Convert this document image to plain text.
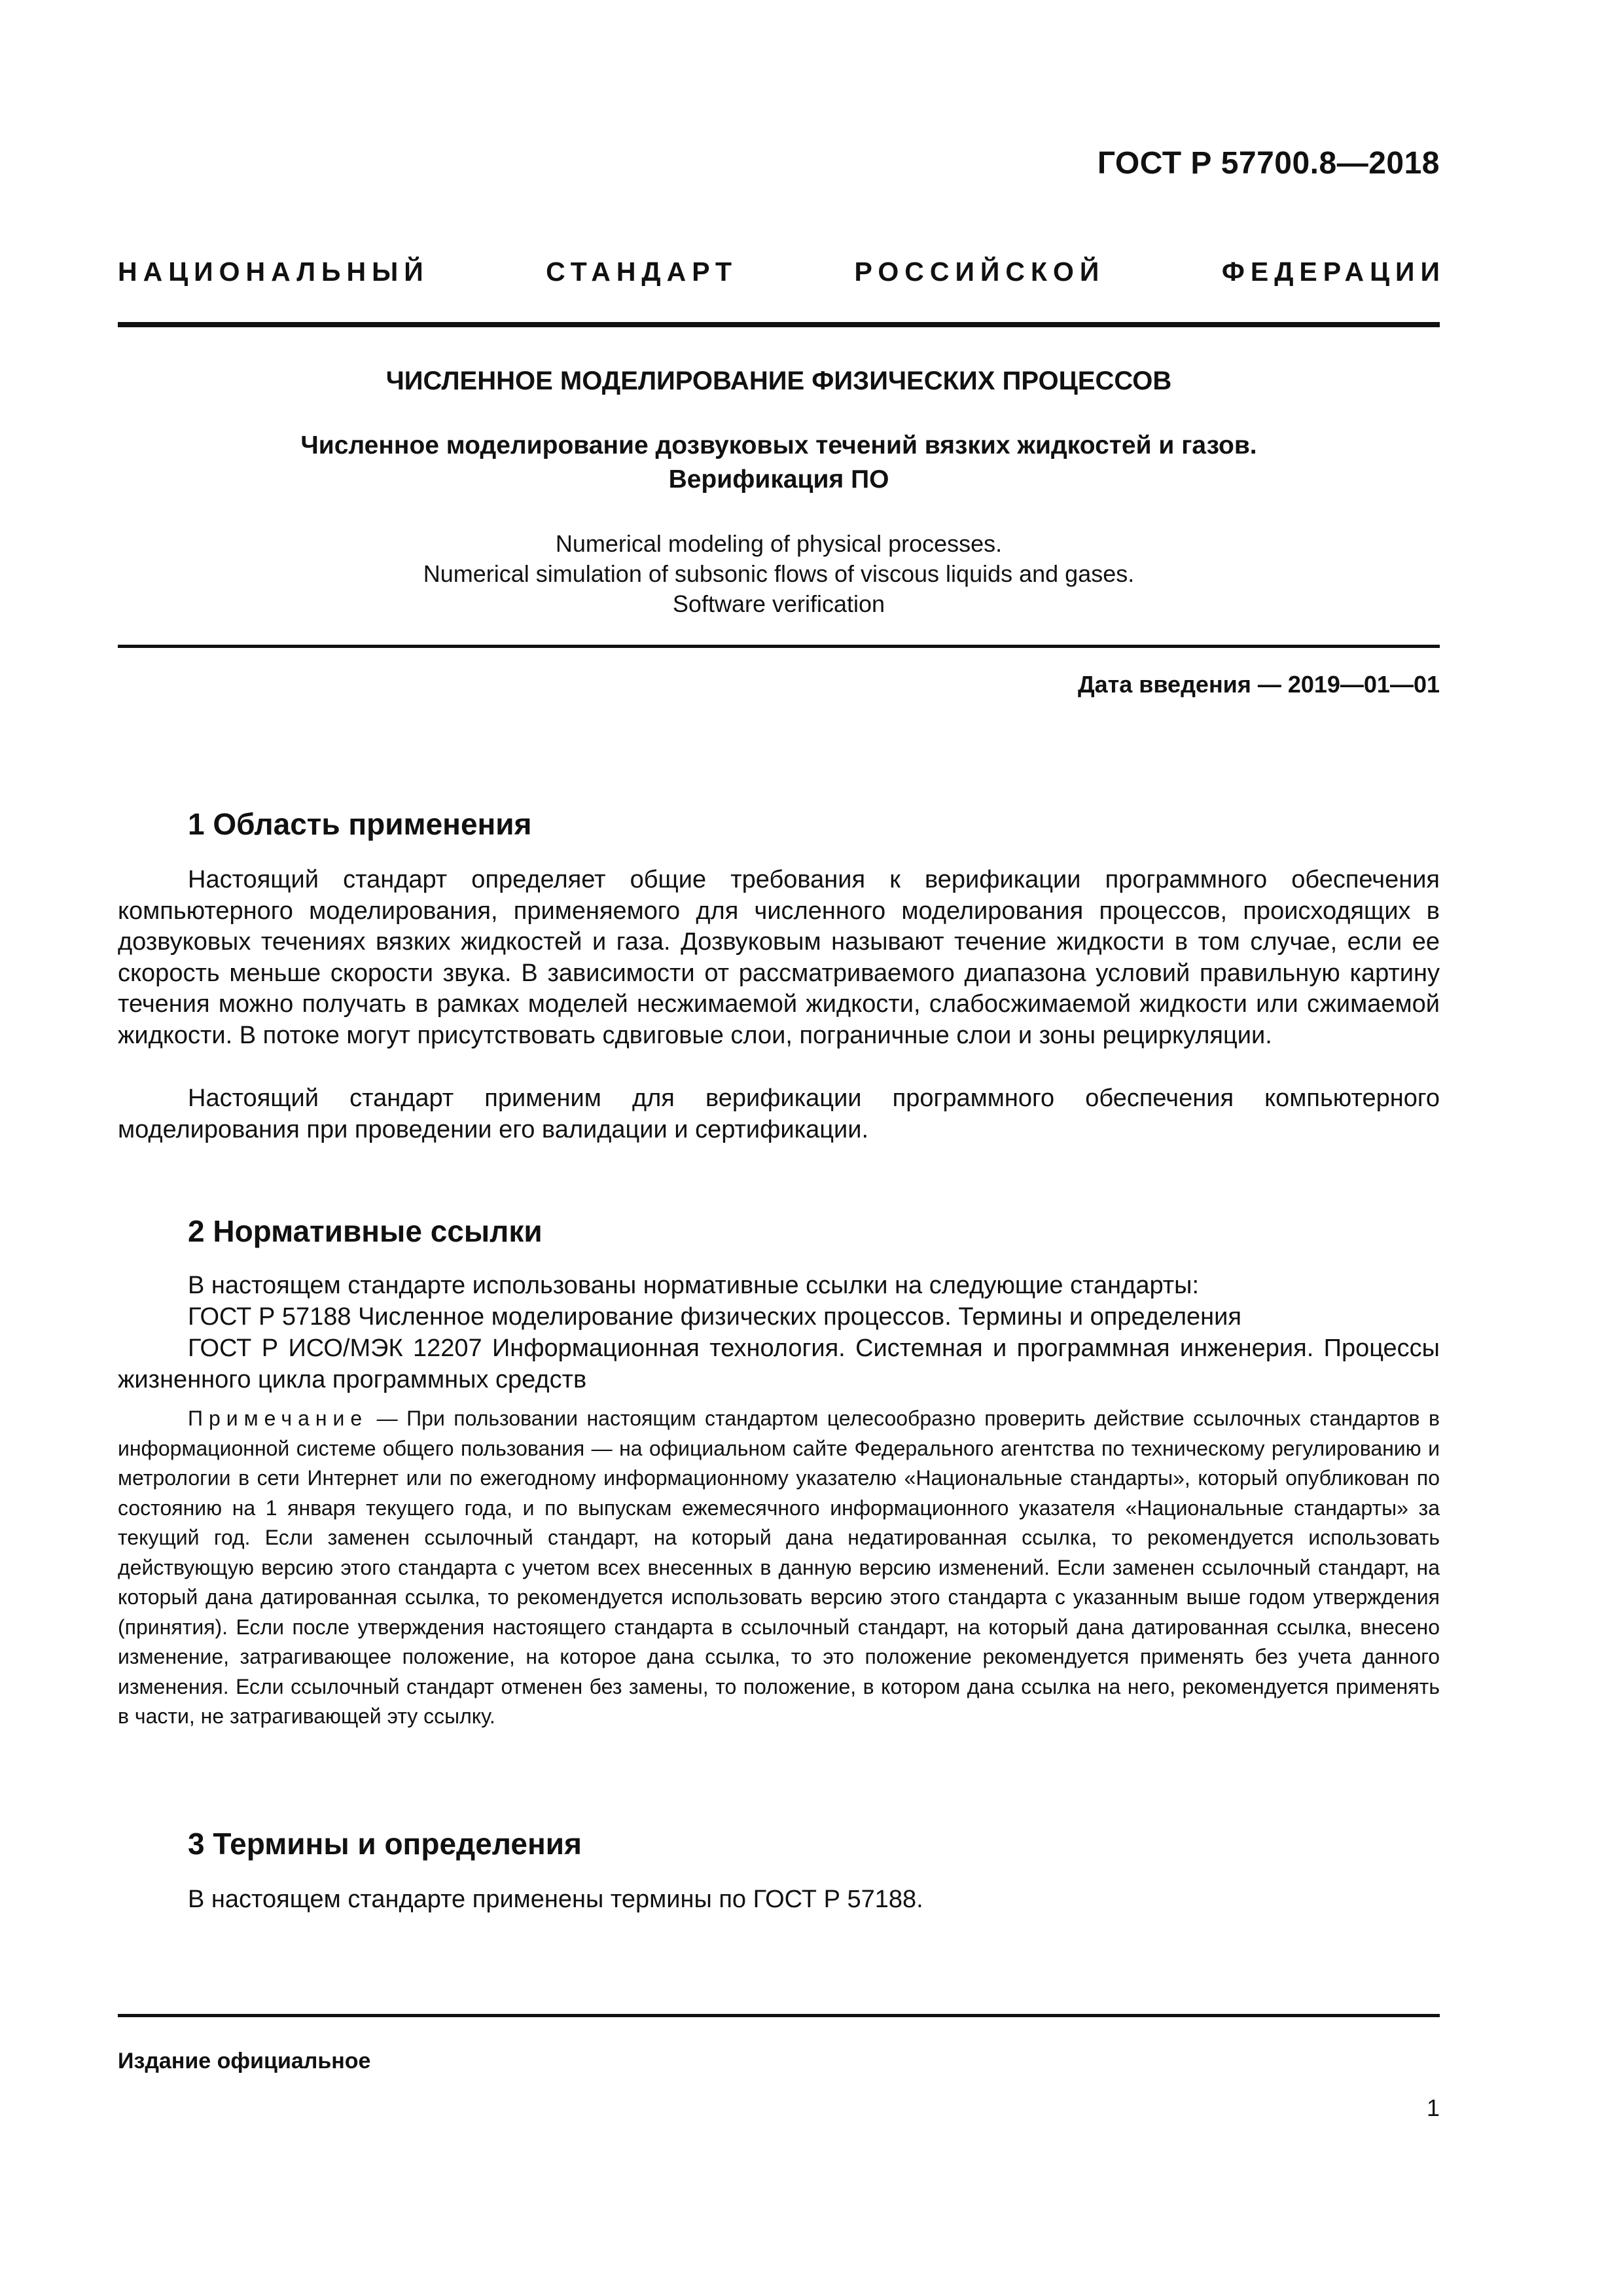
ГОСТ Р 57700.8—2018
НАЦИОНАЛЬНЫЙ	СТАНДАРТ	РОССИЙСКОЙ	ФЕДЕРАЦИИ
ЧИСЛЕННОЕ МОДЕЛИРОВАНИЕ ФИЗИЧЕСКИХ ПРОЦЕССОВ
Численное моделирование дозвуковых течений вязких жидкостей и газов.
Верификация ПО
Numerical modeling of physical processes.
Numerical simulation of subsonic flows of viscous liquids and gases.
Software verification
Дата введения — 2019—01—01
1 Область применения

Настоящий стандарт определяет общие требования к верификации программного обеспечения компьютерного моделирования, применяемого для численного моделирования процессов, происходящих в дозвуковых течениях вязких жидкостей и газа. Дозвуковым называют течение жидкости в том случае, если ее скорость меньше скорости звука. В зависимости от рассматриваемого диапазона условий правильную картину течения можно получать в рамках моделей несжимаемой жидкости, слабосжимаемой жидкости или сжимаемой жидкости. В потоке могут присутствовать сдвиговые слои, пограничные слои и зоны рециркуляции.

Настоящий стандарт применим для верификации программного обеспечения компьютерного моделирования при проведении его валидации и сертификации.

2 Нормативные ссылки

В настоящем стандарте использованы нормативные ссылки на следующие стандарты:

ГОСТ Р 57188 Численное моделирование физических процессов. Термины и определения

ГОСТ Р ИСО/МЭК 12207 Информационная технология. Системная и программная инженерия. Процессы жизненного цикла программных средств

Примечание — При пользовании настоящим стандартом целесообразно проверить действие ссылочных стандартов в информационной системе общего пользования — на официальном сайте Федерального агентства по техническому регулированию и метрологии в сети Интернет или по ежегодному информационному указателю «Национальные стандарты», который опубликован по состоянию на 1 января текущего года, и по выпускам ежемесячного информационного указателя «Национальные стандарты» за текущий год. Если заменен ссылочный стандарт, на который дана недатированная ссылка, то рекомендуется использовать действующую версию этого стандарта с учетом всех внесенных в данную версию изменений. Если заменен ссылочный стандарт, на который дана датированная ссылка, то рекомендуется использовать версию этого стандарта с указанным выше годом утверждения (принятия). Если после утверждения настоящего стандарта в ссылочный стандарт, на который дана датированная ссылка, внесено изменение, затрагивающее положение, на которое дана ссылка, то это положение рекомендуется применять без учета данного изменения. Если ссылочный стандарт отменен без замены, то положение, в котором дана ссылка на него, рекомендуется применять в части, не затрагивающей эту ссылку.

3 Термины и определения

В настоящем стандарте применены термины по ГОСТ Р 57188.

Издание официальное
1
